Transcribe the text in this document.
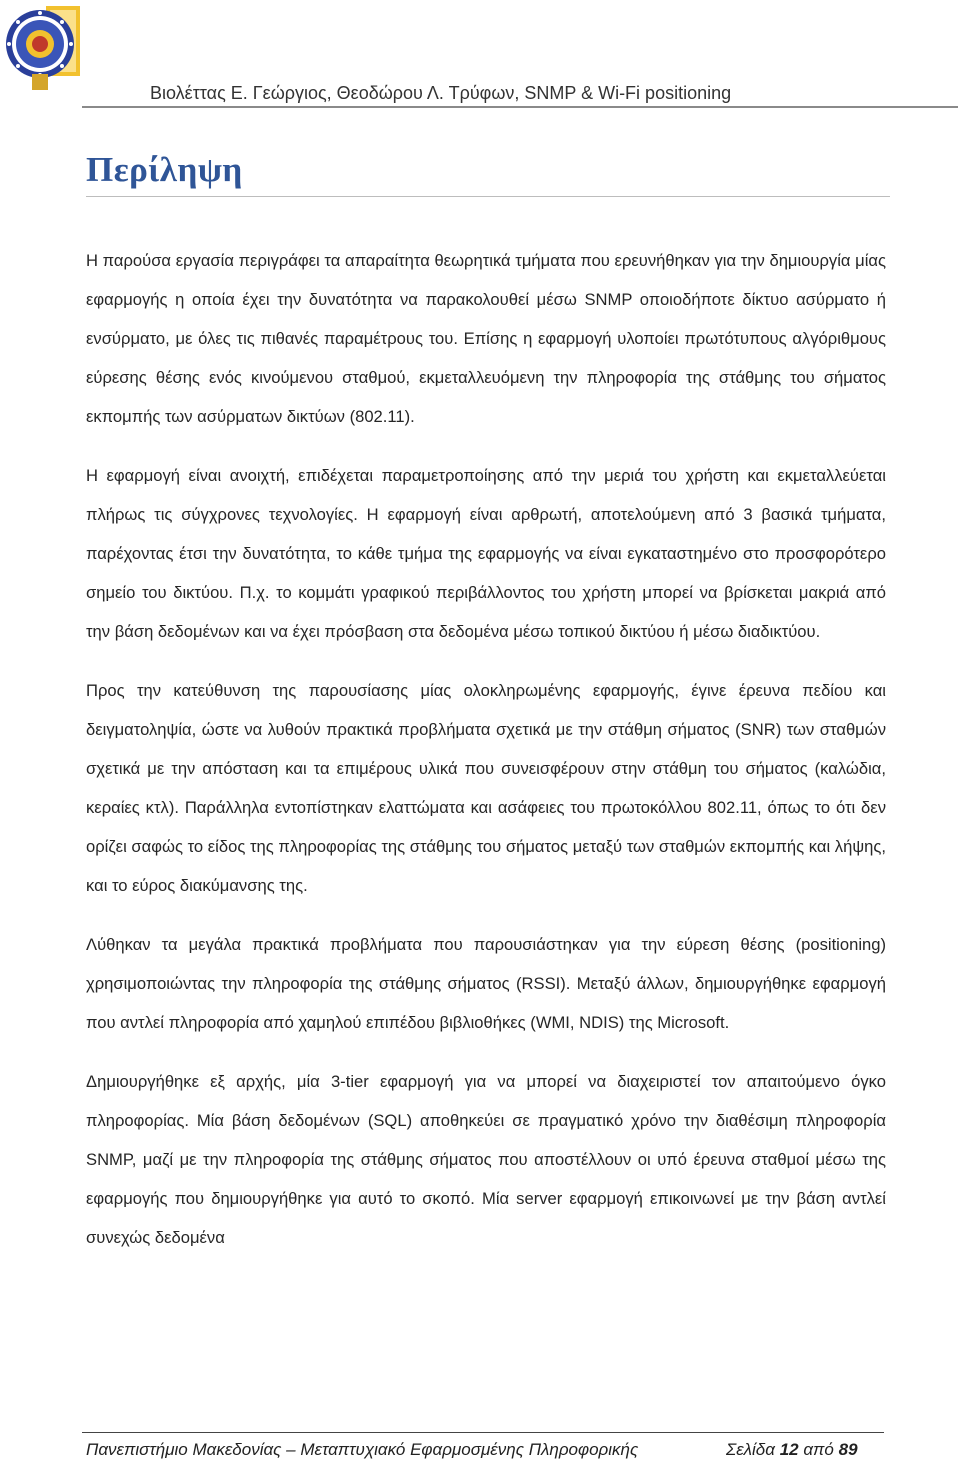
Βιολέττας Ε. Γεώργιος, Θεοδώρου Λ. Τρύφων, SNMP & Wi-Fi positioning
Περίληψη

Η παρούσα εργασία περιγράφει τα απαραίτητα θεωρητικά τμήματα που ερευνήθηκαν για την δημιουργία μίας εφαρμογής η οποία έχει την δυνατότητα να παρακολουθεί μέσω SNMP οποιοδήποτε δίκτυο ασύρματο ή ενσύρματο, με όλες τις πιθανές παραμέτρους του. Επίσης η εφαρμογή υλοποίει πρωτότυπους αλγόριθμους εύρεσης θέσης ενός κινούμενου σταθμού, εκμεταλλευόμενη την πληροφορία της στάθμης του σήματος εκπομπής των ασύρματων δικτύων (802.11).

Η εφαρμογή είναι ανοιχτή, επιδέχεται παραμετροποίησης από την μεριά του χρήστη και εκμεταλλεύεται πλήρως τις σύγχρονες τεχνολογίες. Η εφαρμογή είναι αρθρωτή, αποτελούμενη από 3 βασικά τμήματα, παρέχοντας έτσι την δυνατότητα, το κάθε τμήμα της εφαρμογής να είναι εγκαταστημένο στο προσφορότερο σημείο του δικτύου. Π.χ. το κομμάτι γραφικού περιβάλλοντος του χρήστη μπορεί να βρίσκεται μακριά από την βάση δεδομένων και να έχει πρόσβαση στα δεδομένα μέσω τοπικού δικτύου ή μέσω διαδικτύου.

Προς την κατεύθυνση της παρουσίασης μίας ολοκληρωμένης εφαρμογής, έγινε έρευνα πεδίου και δειγματοληψία, ώστε να λυθούν πρακτικά προβλήματα σχετικά με την στάθμη σήματος (SNR) των σταθμών σχετικά με την απόσταση και τα επιμέρους υλικά που συνεισφέρουν στην στάθμη του σήματος (καλώδια, κεραίες κτλ). Παράλληλα εντοπίστηκαν ελαττώματα και ασάφειες του πρωτοκόλλου 802.11, όπως το ότι δεν ορίζει σαφώς το είδος της πληροφορίας της στάθμης του σήματος μεταξύ των σταθμών εκπομπής και λήψης, και το εύρος διακύμανσης της.

Λύθηκαν τα μεγάλα πρακτικά προβλήματα που παρουσιάστηκαν για την εύρεση θέσης (positioning) χρησιμοποιώντας την πληροφορία της στάθμης σήματος (RSSI). Μεταξύ άλλων, δημιουργήθηκε εφαρμογή που αντλεί πληροφορία από χαμηλού επιπέδου βιβλιοθήκες (WMI, NDIS) της Microsoft.

Δημιουργήθηκε εξ αρχής, μία 3-tier εφαρμογή για να μπορεί να διαχειριστεί τον απαιτούμενο όγκο πληροφορίας. Μία βάση δεδομένων (SQL) αποθηκεύει σε πραγματικό χρόνο την διαθέσιμη πληροφορία SNMP, μαζί με την πληροφορία της στάθμης σήματος που αποστέλλουν οι υπό έρευνα σταθμοί μέσω της εφαρμογής που δημιουργήθηκε για αυτό το σκοπό. Μία server εφαρμογή επικοινωνεί με την βάση αντλεί συνεχώς δεδομένα

Πανεπιστήμιο Μακεδονίας – Μεταπτυχιακό Εφαρμοσμένης Πληροφορικής	Σελίδα 12 από 89
